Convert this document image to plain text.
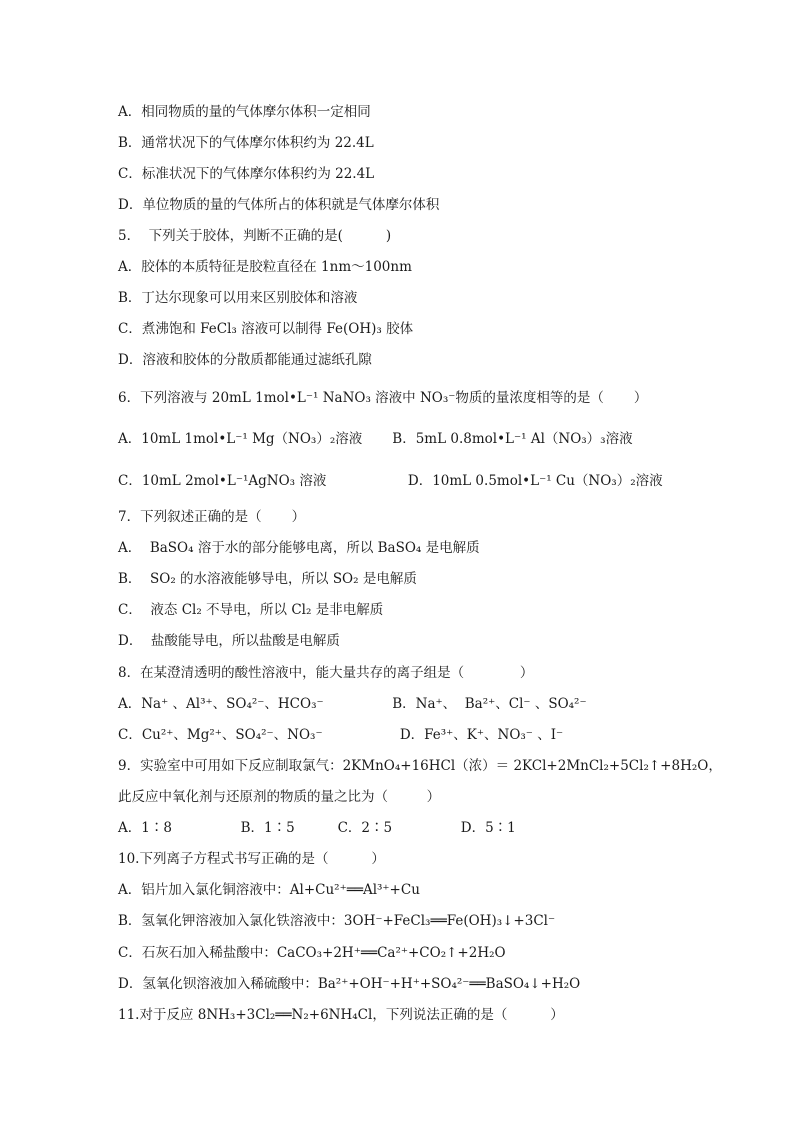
A．相同物质的量的气体摩尔体积一定相同
B．通常状况下的气体摩尔体积约为 22.4L
C．标准状况下的气体摩尔体积约为 22.4L
D．单位物质的量的气体所占的体积就是气体摩尔体积
5．  下列关于胶体，判断不正确的是(          )
A．胶体的本质特征是胶粒直径在 1nm～100nm
B．丁达尔现象可以用来区别胶体和溶液
C．煮沸饱和 FeCl₃ 溶液可以制得 Fe(OH)₃ 胶体
D．溶液和胶体的分散质都能通过滤纸孔隙
6．下列溶液与 20mL 1mol•L⁻¹ NaNO₃ 溶液中 NO₃⁻物质的量浓度相等的是（       ）
A．10mL 1mol•L⁻¹ Mg（NO₃）₂溶液       B．5mL 0.8mol•L⁻¹ Al（NO₃）₃溶液
C．10mL 2mol•L⁻¹AgNO₃ 溶液                   D．10mL 0.5mol•L⁻¹ Cu（NO₃）₂溶液
7．下列叙述正确的是（       ）
A．  BaSO₄ 溶于水的部分能够电离，所以 BaSO₄ 是电解质
B．  SO₂ 的水溶液能够导电，所以 SO₂ 是电解质
C．  液态 Cl₂ 不导电，所以 Cl₂ 是非电解质
D．  盐酸能导电，所以盐酸是电解质
8．在某澄清透明的酸性溶液中，能大量共存的离子组是（             ）
A．Na⁺ 、Al³⁺、SO₄²⁻、HCO₃⁻                B．Na⁺、  Ba²⁺、Cl⁻ 、SO₄²⁻
C．Cu²⁺、Mg²⁺、SO₄²⁻、NO₃⁻                  D．Fe³⁺、K⁺、NO₃⁻ 、I⁻
9．实验室中可用如下反应制取氯气：2KMnO₄+16HCl（浓）＝ 2KCl+2MnCl₂+5Cl₂↑+8H₂O，
此反应中氧化剂与还原剂的物质的量之比为（         ）
A．1∶8                B．1∶5          C．2∶5                D．5∶1
10.下列离子方程式书写正确的是（          ）
A．铝片加入氯化铜溶液中：Al+Cu²⁺══Al³⁺+Cu
B．氢氧化钾溶液加入氯化铁溶液中：3OH⁻+FeCl₃══Fe(OH)₃↓+3Cl⁻
C．石灰石加入稀盐酸中：CaCO₃+2H⁺══Ca²⁺+CO₂↑+2H₂O
D．氢氧化钡溶液加入稀硫酸中：Ba²⁺+OH⁻+H⁺+SO₄²⁻══BaSO₄↓+H₂O
11.对于反应 8NH₃+3Cl₂══N₂+6NH₄Cl，下列说法正确的是（          ）
